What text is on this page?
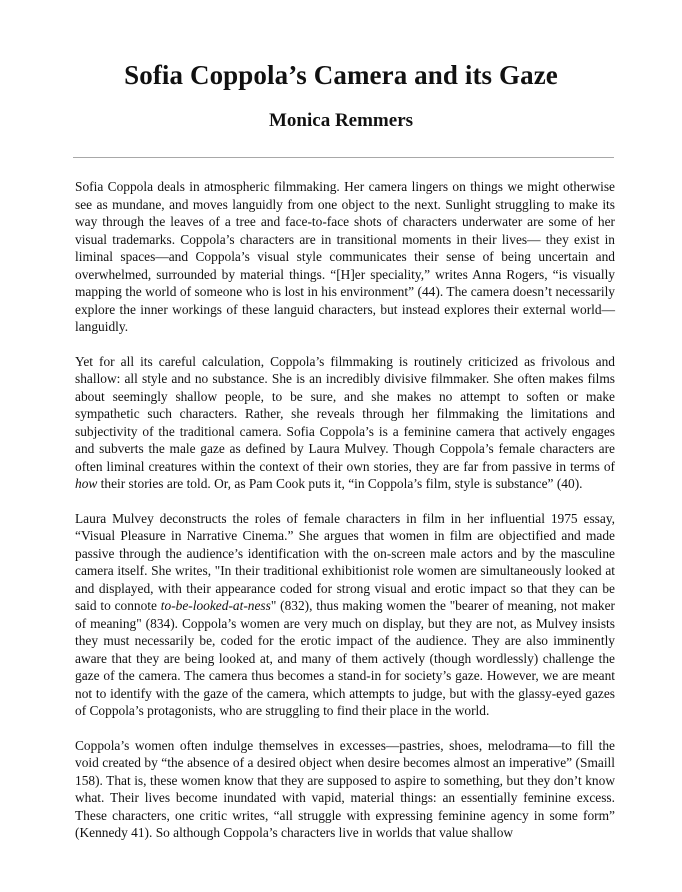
Sofia Coppola’s Camera and its Gaze
Monica Remmers

Sofia Coppola deals in atmospheric filmmaking. Her camera lingers on things we might otherwise see as mundane, and moves languidly from one object to the next. Sunlight struggling to make its way through the leaves of a tree and face-to-face shots of characters underwater are some of her visual trademarks. Coppola’s characters are in transitional moments in their lives— they exist in liminal spaces—and Coppola’s visual style communicates their sense of being uncertain and overwhelmed, surrounded by material things. “[H]er speciality,” writes Anna Rogers, “is visually mapping the world of someone who is lost in his environment” (44). The camera doesn’t necessarily explore the inner workings of these languid characters, but instead explores their external world—languidly.

Yet for all its careful calculation, Coppola’s filmmaking is routinely criticized as frivolous and shallow: all style and no substance. She is an incredibly divisive filmmaker. She often makes films about seemingly shallow people, to be sure, and she makes no attempt to soften or make sympathetic such characters. Rather, she reveals through her filmmaking the limitations and subjectivity of the traditional camera. Sofia Coppola’s is a feminine camera that actively engages and subverts the male gaze as defined by Laura Mulvey. Though Coppola’s female characters are often liminal creatures within the context of their own stories, they are far from passive in terms of how their stories are told. Or, as Pam Cook puts it, “in Coppola’s film, style is substance” (40).

Laura Mulvey deconstructs the roles of female characters in film in her influential 1975 essay, “Visual Pleasure in Narrative Cinema.” She argues that women in film are objectified and made passive through the audience’s identification with the on-screen male actors and by the masculine camera itself. She writes, "In their traditional exhibitionist role women are simultaneously looked at and displayed, with their appearance coded for strong visual and erotic impact so that they can be said to connote to-be-looked-at-ness" (832), thus making women the "bearer of meaning, not maker of meaning" (834). Coppola’s women are very much on display, but they are not, as Mulvey insists they must necessarily be, coded for the erotic impact of the audience. They are also imminently aware that they are being looked at, and many of them actively (though wordlessly) challenge the gaze of the camera. The camera thus becomes a stand-in for society’s gaze. However, we are meant not to identify with the gaze of the camera, which attempts to judge, but with the glassy-eyed gazes of Coppola’s protagonists, who are struggling to find their place in the world.

Coppola’s women often indulge themselves in excesses—pastries, shoes, melodrama—to fill the void created by “the absence of a desired object when desire becomes almost an imperative” (Smaill 158). That is, these women know that they are supposed to aspire to something, but they don’t know what. Their lives become inundated with vapid, material things: an essentially feminine excess. These characters, one critic writes, “all struggle with expressing feminine agency in some form” (Kennedy 41). So although Coppola’s characters live in worlds that value shallow
